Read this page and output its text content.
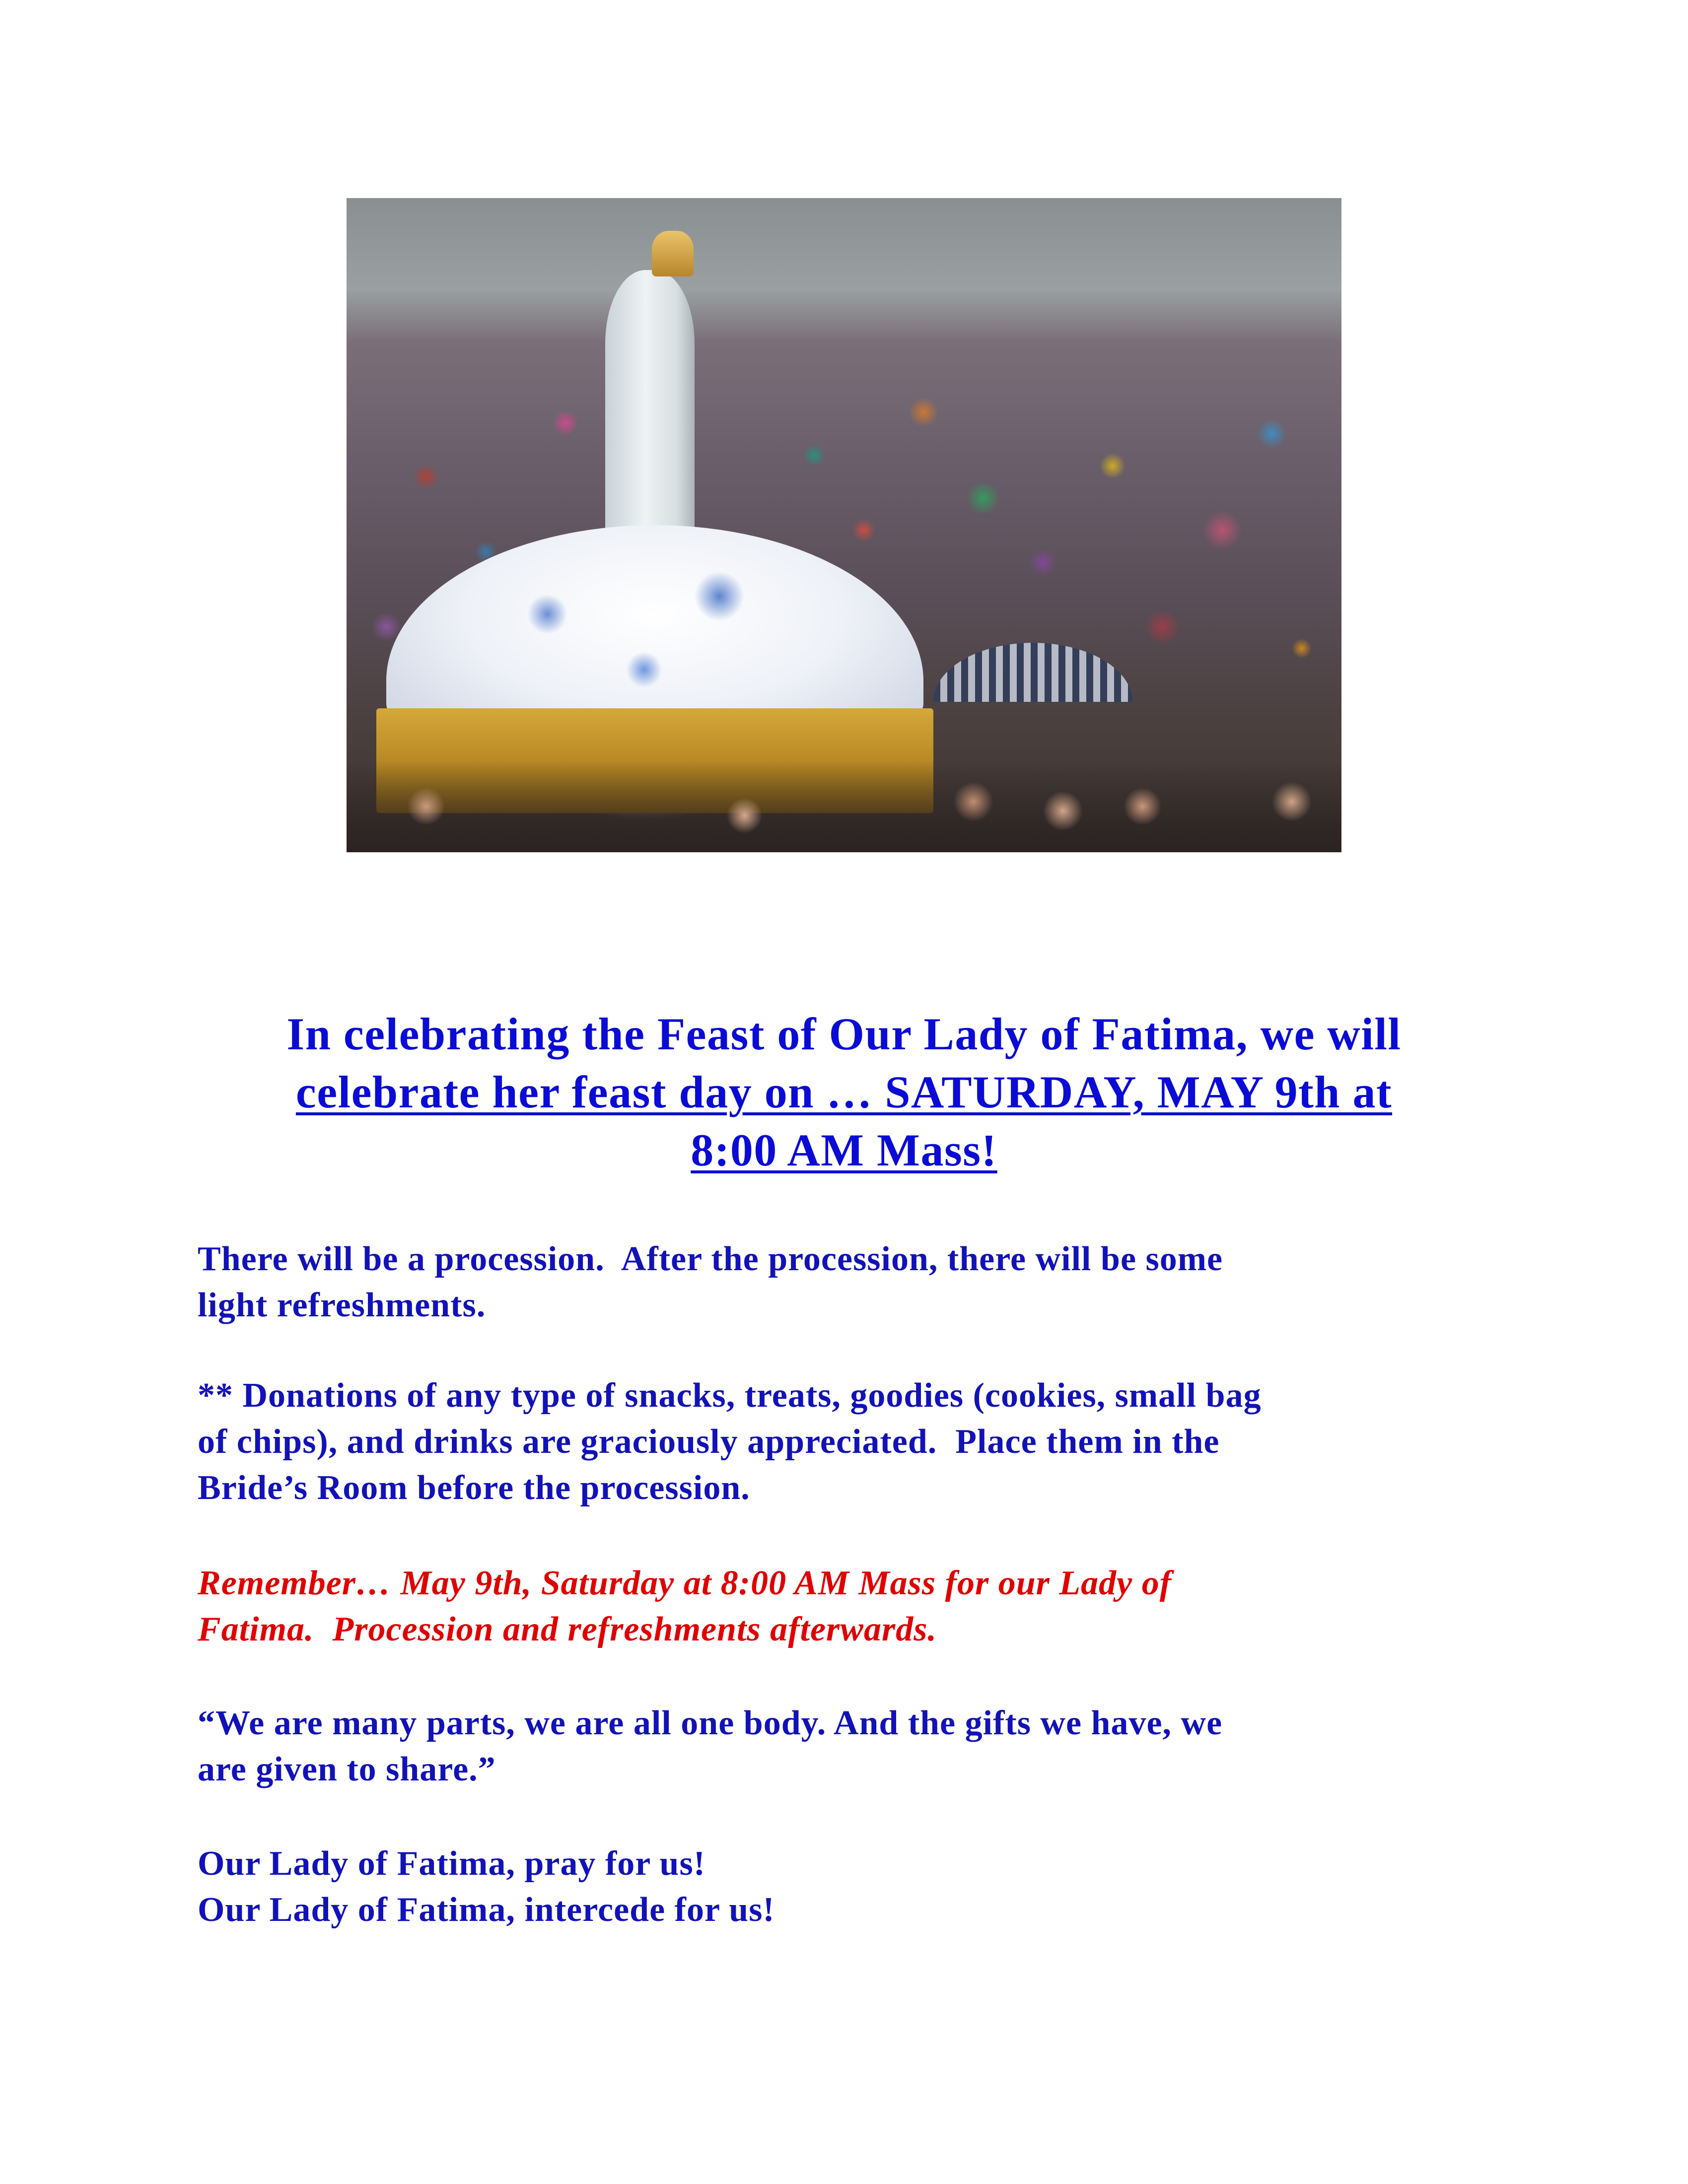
In celebrating the Feast of Our Lady of Fatima, we will
celebrate her feast day on … SATURDAY, MAY 9th at
8:00 AM Mass!
There will be a procession.  After the procession, there will be some
light refreshments.
** Donations of any type of snacks, treats, goodies (cookies, small bag
of chips), and drinks are graciously appreciated.  Place them in the
Bride’s Room before the procession.
Remember… May 9th, Saturday at 8:00 AM Mass for our Lady of
Fatima.  Procession and refreshments afterwards.
“We are many parts, we are all one body. And the gifts we have, we
are given to share.”
Our Lady of Fatima, pray for us!
Our Lady of Fatima, intercede for us!
